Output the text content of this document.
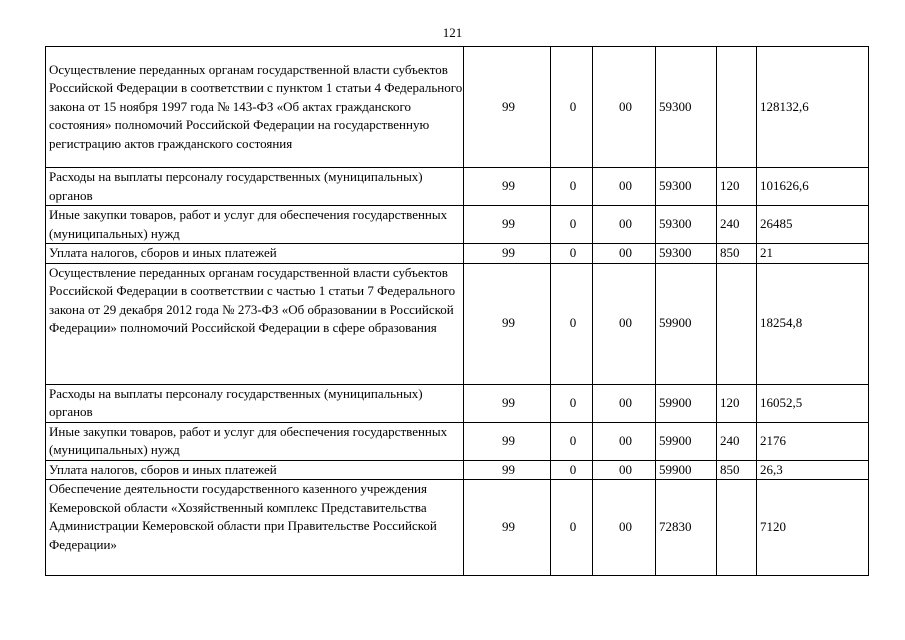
121
Осуществление переданных органам государственной власти субъектов Российской Федерации в соответствии с пунктом 1 статьи 4 Федерального закона от 15 ноября 1997 года № 143-ФЗ «Об актах гражданского состояния» полномочий Российской Федерации на государственную регистрацию актов гражданского состояния	99	0	00	59300		128132,6
Расходы на выплаты персоналу государственных (муниципальных) органов	99	0	00	59300	120	101626,6
Иные закупки товаров, работ и услуг для обеспечения государственных (муниципальных) нужд	99	0	00	59300	240	26485
Уплата налогов, сборов и иных платежей	99	0	00	59300	850	21
Осуществление переданных органам государственной власти субъектов Российской Федерации в соответствии с частью 1 статьи 7 Федерального закона от 29 декабря 2012 года № 273-ФЗ «Об образовании в Российской Федерации» полномочий Российской Федерации в сфере образования	99	0	00	59900		18254,8
Расходы на выплаты персоналу государственных (муниципальных) органов	99	0	00	59900	120	16052,5
Иные закупки товаров, работ и услуг для обеспечения государственных (муниципальных) нужд	99	0	00	59900	240	2176
Уплата налогов, сборов и иных платежей	99	0	00	59900	850	26,3
Обеспечение деятельности государственного казенного учреждения Кемеровской области «Хозяйственный комплекс Представительства Администрации Кемеровской области при Правительстве Российской Федерации»	99	0	00	72830		7120
